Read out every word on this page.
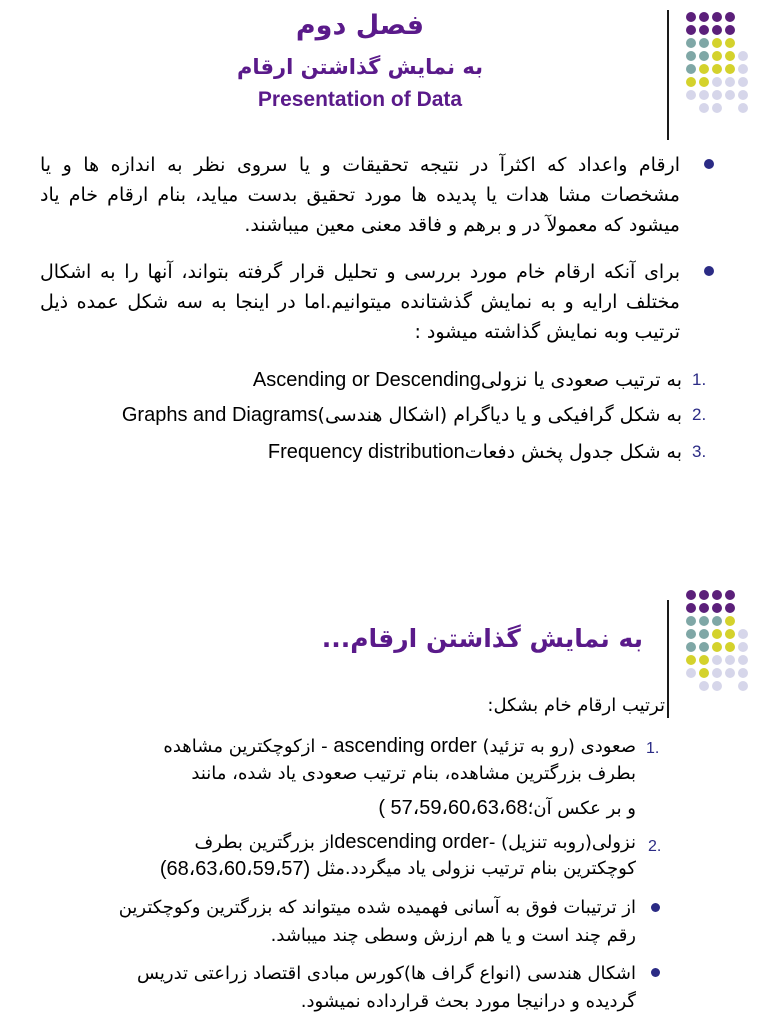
فصل دوم
به نمایش گذاشتن ارقام
Presentation of Data
ارقام واعداد که اکثرآ در نتیجه تحقیقات و یا سروی نظر به اندازه ها و یا مشخصات مشا هدات یا پدیده ها مورد تحقیق بدست میاید، بنام ارقام خام یاد میشود که معمولآ در و برهم و فاقد معنی معین میباشند.
برای آنکه ارقام خام مورد بررسی و تحلیل قرار گرفته بتواند، آنها را به اشکال مختلف ارایه و به نمایش گذشتانده میتوانیم.اما در اینجا به سه شکل عمده ذیل ترتیب وبه نمایش گذاشته میشود :
Ascending or Descending به ترتیب صعودی یا نزولی 1.
Graphs and Diagrams به شکل گرافیکی و یا دیاگرام (اشکال هندسی) 2.
Frequency distribution به شکل جدول پخش دفعات 3.
به نمایش گذاشتن ارقام...
ترتیب ارقام خام بشکل:
1.
- ازکوچکترین مشاهده ascending order صعودی (رو به تزئید)
بطرف بزرگترین مشاهده، بنام ترتیب صعودی یاد شده، مانند
( 57،59،60،63،68و بر عکس آن؛
2.
از بزرگترین بطرفdescending orderنزولی(روبه تنزیل) -
(68،63،60،59،57) کوچکترین بنام ترتیب نزولی یاد میگردد.مثل
از ترتیبات فوق به آسانی فهمیده شده میتواند که بزرگترین وکوچکترین
رقم چند است و یا هم ارزش وسطی چند میباشد.
اشکال هندسی (انواع گراف ها)کورس مبادی اقتصاد زراعتی تدریس
گردیده و درانیجا مورد بحث قرارداده نمیشود.
